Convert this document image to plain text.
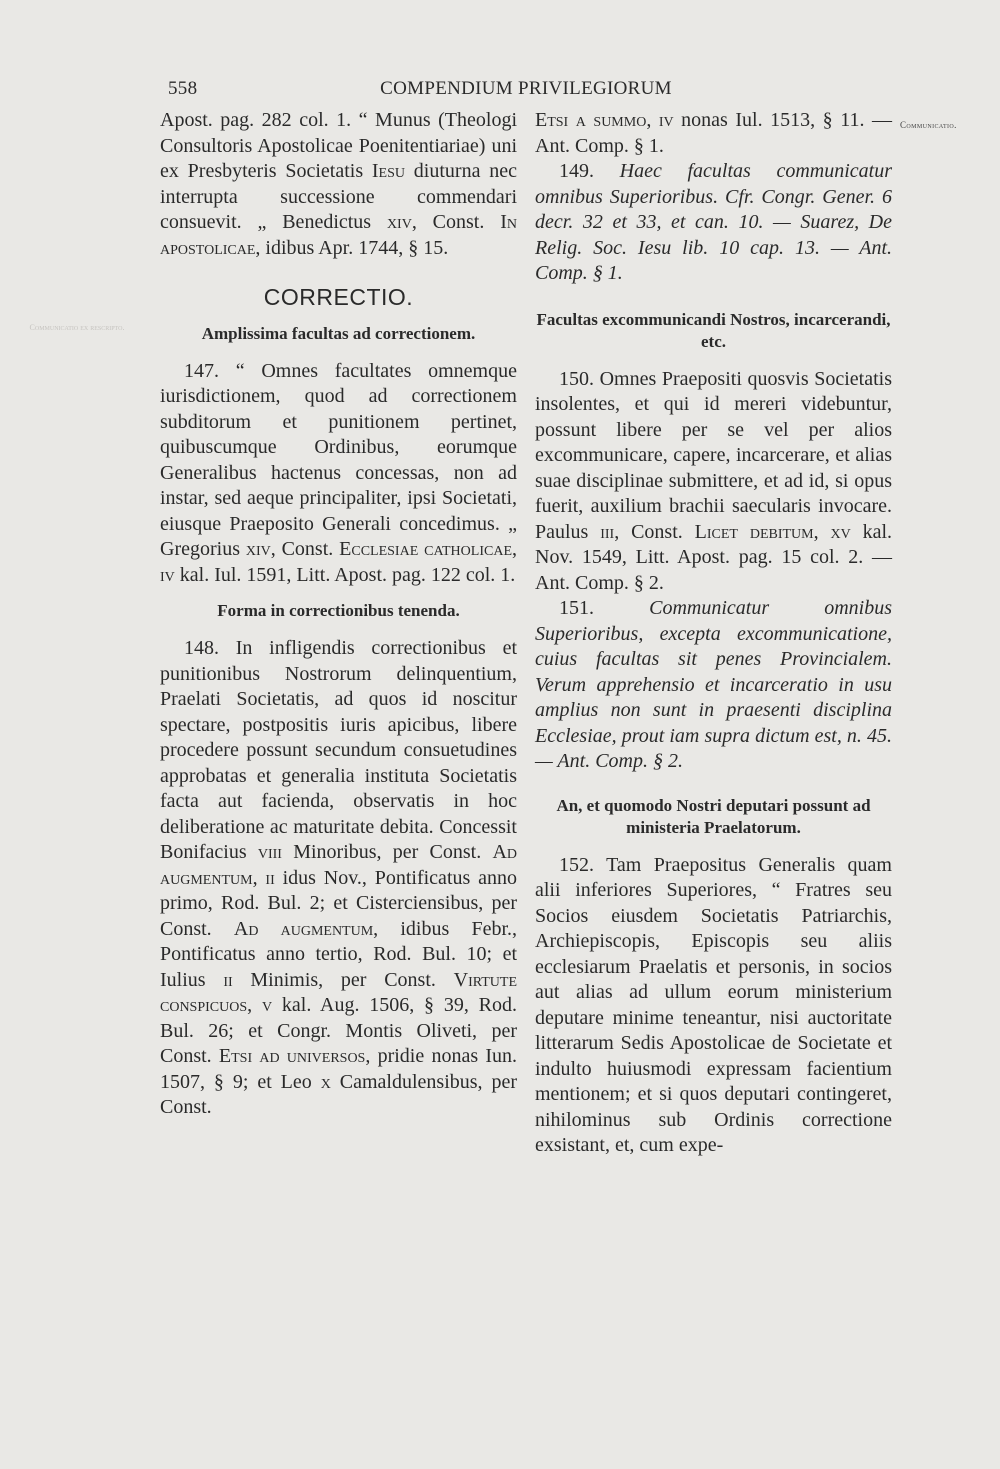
Communicatio ex rescripto.
558	COMPENDIUM PRIVILEGIORUM
Communicatio.

Apost. pag. 282 col. 1. “ Munus (Theologi Consultoris Apostolicae Poenitentiariae) uni ex Presbyteris Societatis Iesu diuturna nec interrupta successione commendari consuevit. „ Benedictus xiv, Const. In apostolicae, idibus Apr. 1744, § 15.

CORRECTIO.
Amplissima facultas ad correctionem.

147. “ Omnes facultates omnemque iurisdictionem, quod ad correctionem subditorum et punitionem pertinet, quibuscumque Ordinibus, eorumque Generalibus hactenus concessas, non ad instar, sed aeque principaliter, ipsi Societati, eiusque Praeposito Generali concedimus. „ Gregorius xiv, Const. Ecclesiae catholicae, iv kal. Iul. 1591, Litt. Apost. pag. 122 col. 1.

Forma in correctionibus tenenda.

148. In infligendis correctionibus et punitionibus Nostrorum delinquentium, Praelati Societatis, ad quos id noscitur spectare, postpositis iuris apicibus, libere procedere possunt secundum consuetudines approbatas et generalia instituta Societatis facta aut facienda, observatis in hoc deliberatione ac maturitate debita. Concessit Bonifacius viii Minoribus, per Const. Ad augmentum, ii idus Nov., Pontificatus anno primo, Rod. Bul. 2; et Cisterciensibus, per Const. Ad augmentum, idibus Febr., Pontificatus anno tertio, Rod. Bul. 10; et Iulius ii Minimis, per Const. Virtute conspicuos, v kal. Aug. 1506, § 39, Rod. Bul. 26; et Congr. Montis Oliveti, per Const. Etsi ad universos, pridie nonas Iun. 1507, § 9; et Leo x Camaldulensibus, per Const.

Etsi a summo, iv nonas Iul. 1513, § 11. — Ant. Comp. § 1.

149. Haec facultas communicatur omnibus Superioribus. Cfr. Congr. Gener. 6 decr. 32 et 33, et can. 10. — Suarez, De Relig. Soc. Iesu lib. 10 cap. 13. — Ant. Comp. § 1.

Facultas excommunicandi Nostros, incarcerandi, etc.

150. Omnes Praepositi quosvis Societatis insolentes, et qui id mereri videbuntur, possunt libere per se vel per alios excommunicare, capere, incarcerare, et alias suae disciplinae submittere, et ad id, si opus fuerit, auxilium brachii saecularis invocare. Paulus iii, Const. Licet debitum, xv kal. Nov. 1549, Litt. Apost. pag. 15 col. 2. — Ant. Comp. § 2.

151. Communicatur omnibus Superioribus, excepta excommunicatione, cuius facultas sit penes Provincialem. Verum apprehensio et incarceratio in usu amplius non sunt in praesenti disciplina Ecclesiae, prout iam supra dictum est, n. 45. — Ant. Comp. § 2.

An, et quomodo Nostri deputari possunt ad ministeria Praelatorum.

152. Tam Praepositus Generalis quam alii inferiores Superiores, “ Fratres seu Socios eiusdem Societatis Patriarchis, Archiepiscopis, Episcopis seu aliis ecclesiarum Praelatis et personis, in socios aut alias ad ullum eorum ministerium deputare minime teneantur, nisi auctoritate litterarum Sedis Apostolicae de Societate et indulto huiusmodi expressam facientium mentionem; et si quos deputari contingeret, nihilominus sub Ordinis correctione exsistant, et, cum expe-
